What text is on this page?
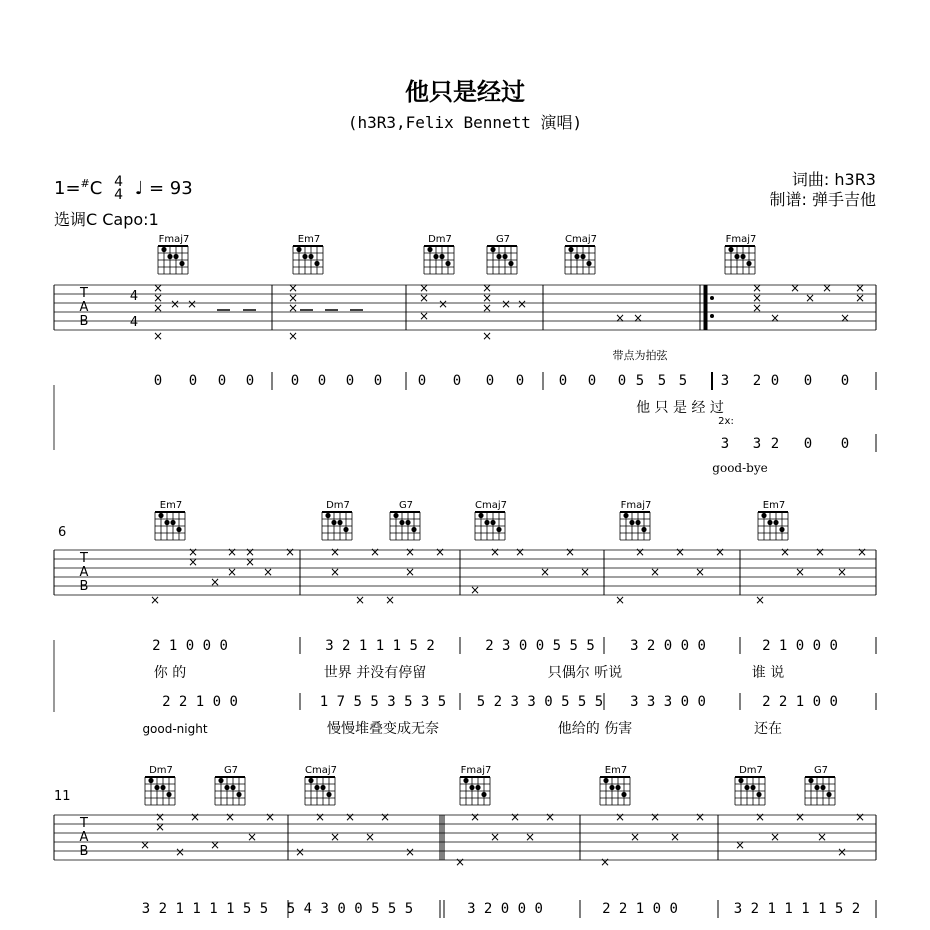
他只是经过
(h3R3,Felix Bennett 演唱)
1=#C 4
4 ♩ = 93
选调C Capo:1
词曲: h3R3
制谱: 弹手吉他
T
A
B
Fmaj7	Em7	Dm7	G7	Cmaj7	Fmaj7
4
4
×
×
× × ×
×
×
×
×
×
×
×
×
×
×
×
× × ×
×
× ×
×
×
×
×
×
×
×
×
×
×
带点为拍弦
0 0 0 0	0 0 0 0	0 0 0 0 0 0 0 5 5 5 3 2 0 0 0
他 只 是 经 过
2x:
3 3 2 0 0
good-bye
T
A
B
6
Em7	Dm7	G7	Cmaj7	Fmaj7	Em7
×
×
×
×
×
×
×
×
×
×	×
×
×
×
×
×
×
×
×
× ×
×
×
×
×
×
×
×
×
×
×
×
×
×
×
×
2 1 0 0 0	3 2 1 1 1 5 2	2 3 0 0 5 5 5	3 2 0 0 0	2 1 0 0 0
你 的	世界 并没有停留	只偶尔 听说	谁 说
2 2 1 0 0	1 7 5 5 3 5 3 5 5 2 3 3 0 5 5 5 3 3 3 0 0	2 2 1 0 0
good-night	慢慢堆叠变成无奈	他给的 伤害	还在
T
A
B
11
Dm7	G7	Cmaj7	Fmaj7	Em7	Dm7	G7
×
×
×
×
×
×
×
×
×
×
×
×
×
×
×
×
×
×
×
×
×
×
×
×
×
×
×
×
×
×
×
×
×
×
×
3 2 1 1 1 1 5 5 5 4 3 0 0 5 5 5	3 2 0 0 0	2 2 1 0 0	3 2 1 1 1 1 5 2
